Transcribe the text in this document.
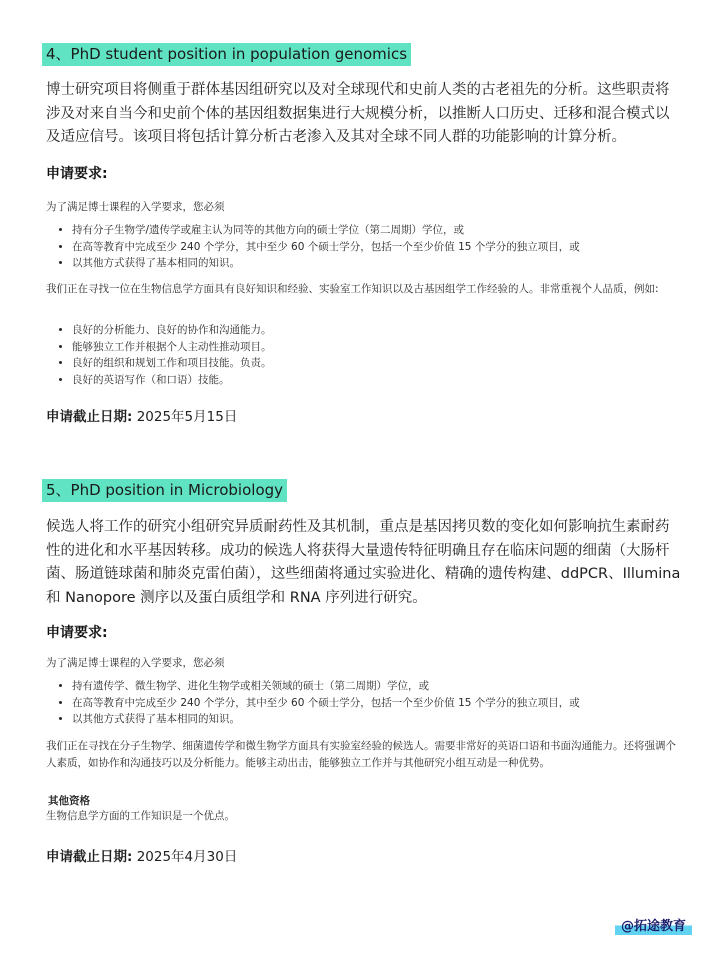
4、PhD student position in population genomics

博士研究项目将侧重于群体基因组研究以及对全球现代和史前人类的古老祖先的分析。这些职责将涉及对来自当今和史前个体的基因组数据集进行大规模分析，以推断人口历史、迁移和混合模式以及适应信号。该项目将包括计算分析古老渗入及其对全球不同人群的功能影响的计算分析。

申请要求:

为了满足博士课程的入学要求，您必须

• 持有分子生物学/遗传学或雇主认为同等的其他方向的硕士学位（第二周期）学位，或
• 在高等教育中完成至少 240 个学分，其中至少 60 个硕士学分，包括一个至少价值 15 个学分的独立项目，或
• 以其他方式获得了基本相同的知识。

我们正在寻找一位在生物信息学方面具有良好知识和经验、实验室工作知识以及古基因组学工作经验的人。非常重视个人品质，例如:

• 良好的分析能力、良好的协作和沟通能力。
• 能够独立工作并根据个人主动性推动项目。
• 良好的组织和规划工作和项目技能。负责。
• 良好的英语写作（和口语）技能。
申请截止日期: 2025年5月15日
5、PhD position in Microbiology

候选人将工作的研究小组研究异质耐药性及其机制，重点是基因拷贝数的变化如何影响抗生素耐药性的进化和水平基因转移。成功的候选人将获得大量遗传特征明确且存在临床问题的细菌（大肠杆菌、肠道链球菌和肺炎克雷伯菌），这些细菌将通过实验进化、精确的遗传构建、ddPCR、Illumina 和 Nanopore 测序以及蛋白质组学和 RNA 序列进行研究。

申请要求:

为了满足博士课程的入学要求，您必须

• 持有遗传学、微生物学、进化生物学或相关领域的硕士（第二周期）学位，或
• 在高等教育中完成至少 240 个学分，其中至少 60 个硕士学分，包括一个至少价值 15 个学分的独立项目，或
• 以其他方式获得了基本相同的知识。

我们正在寻找在分子生物学、细菌遗传学和微生物学方面具有实验室经验的候选人。需要非常好的英语口语和书面沟通能力。还将强调个人素质，如协作和沟通技巧以及分析能力。能够主动出击，能够独立工作并与其他研究小组互动是一种优势。

其他资格

生物信息学方面的工作知识是一个优点。

申请截止日期: 2025年4月30日
@拓途教育
